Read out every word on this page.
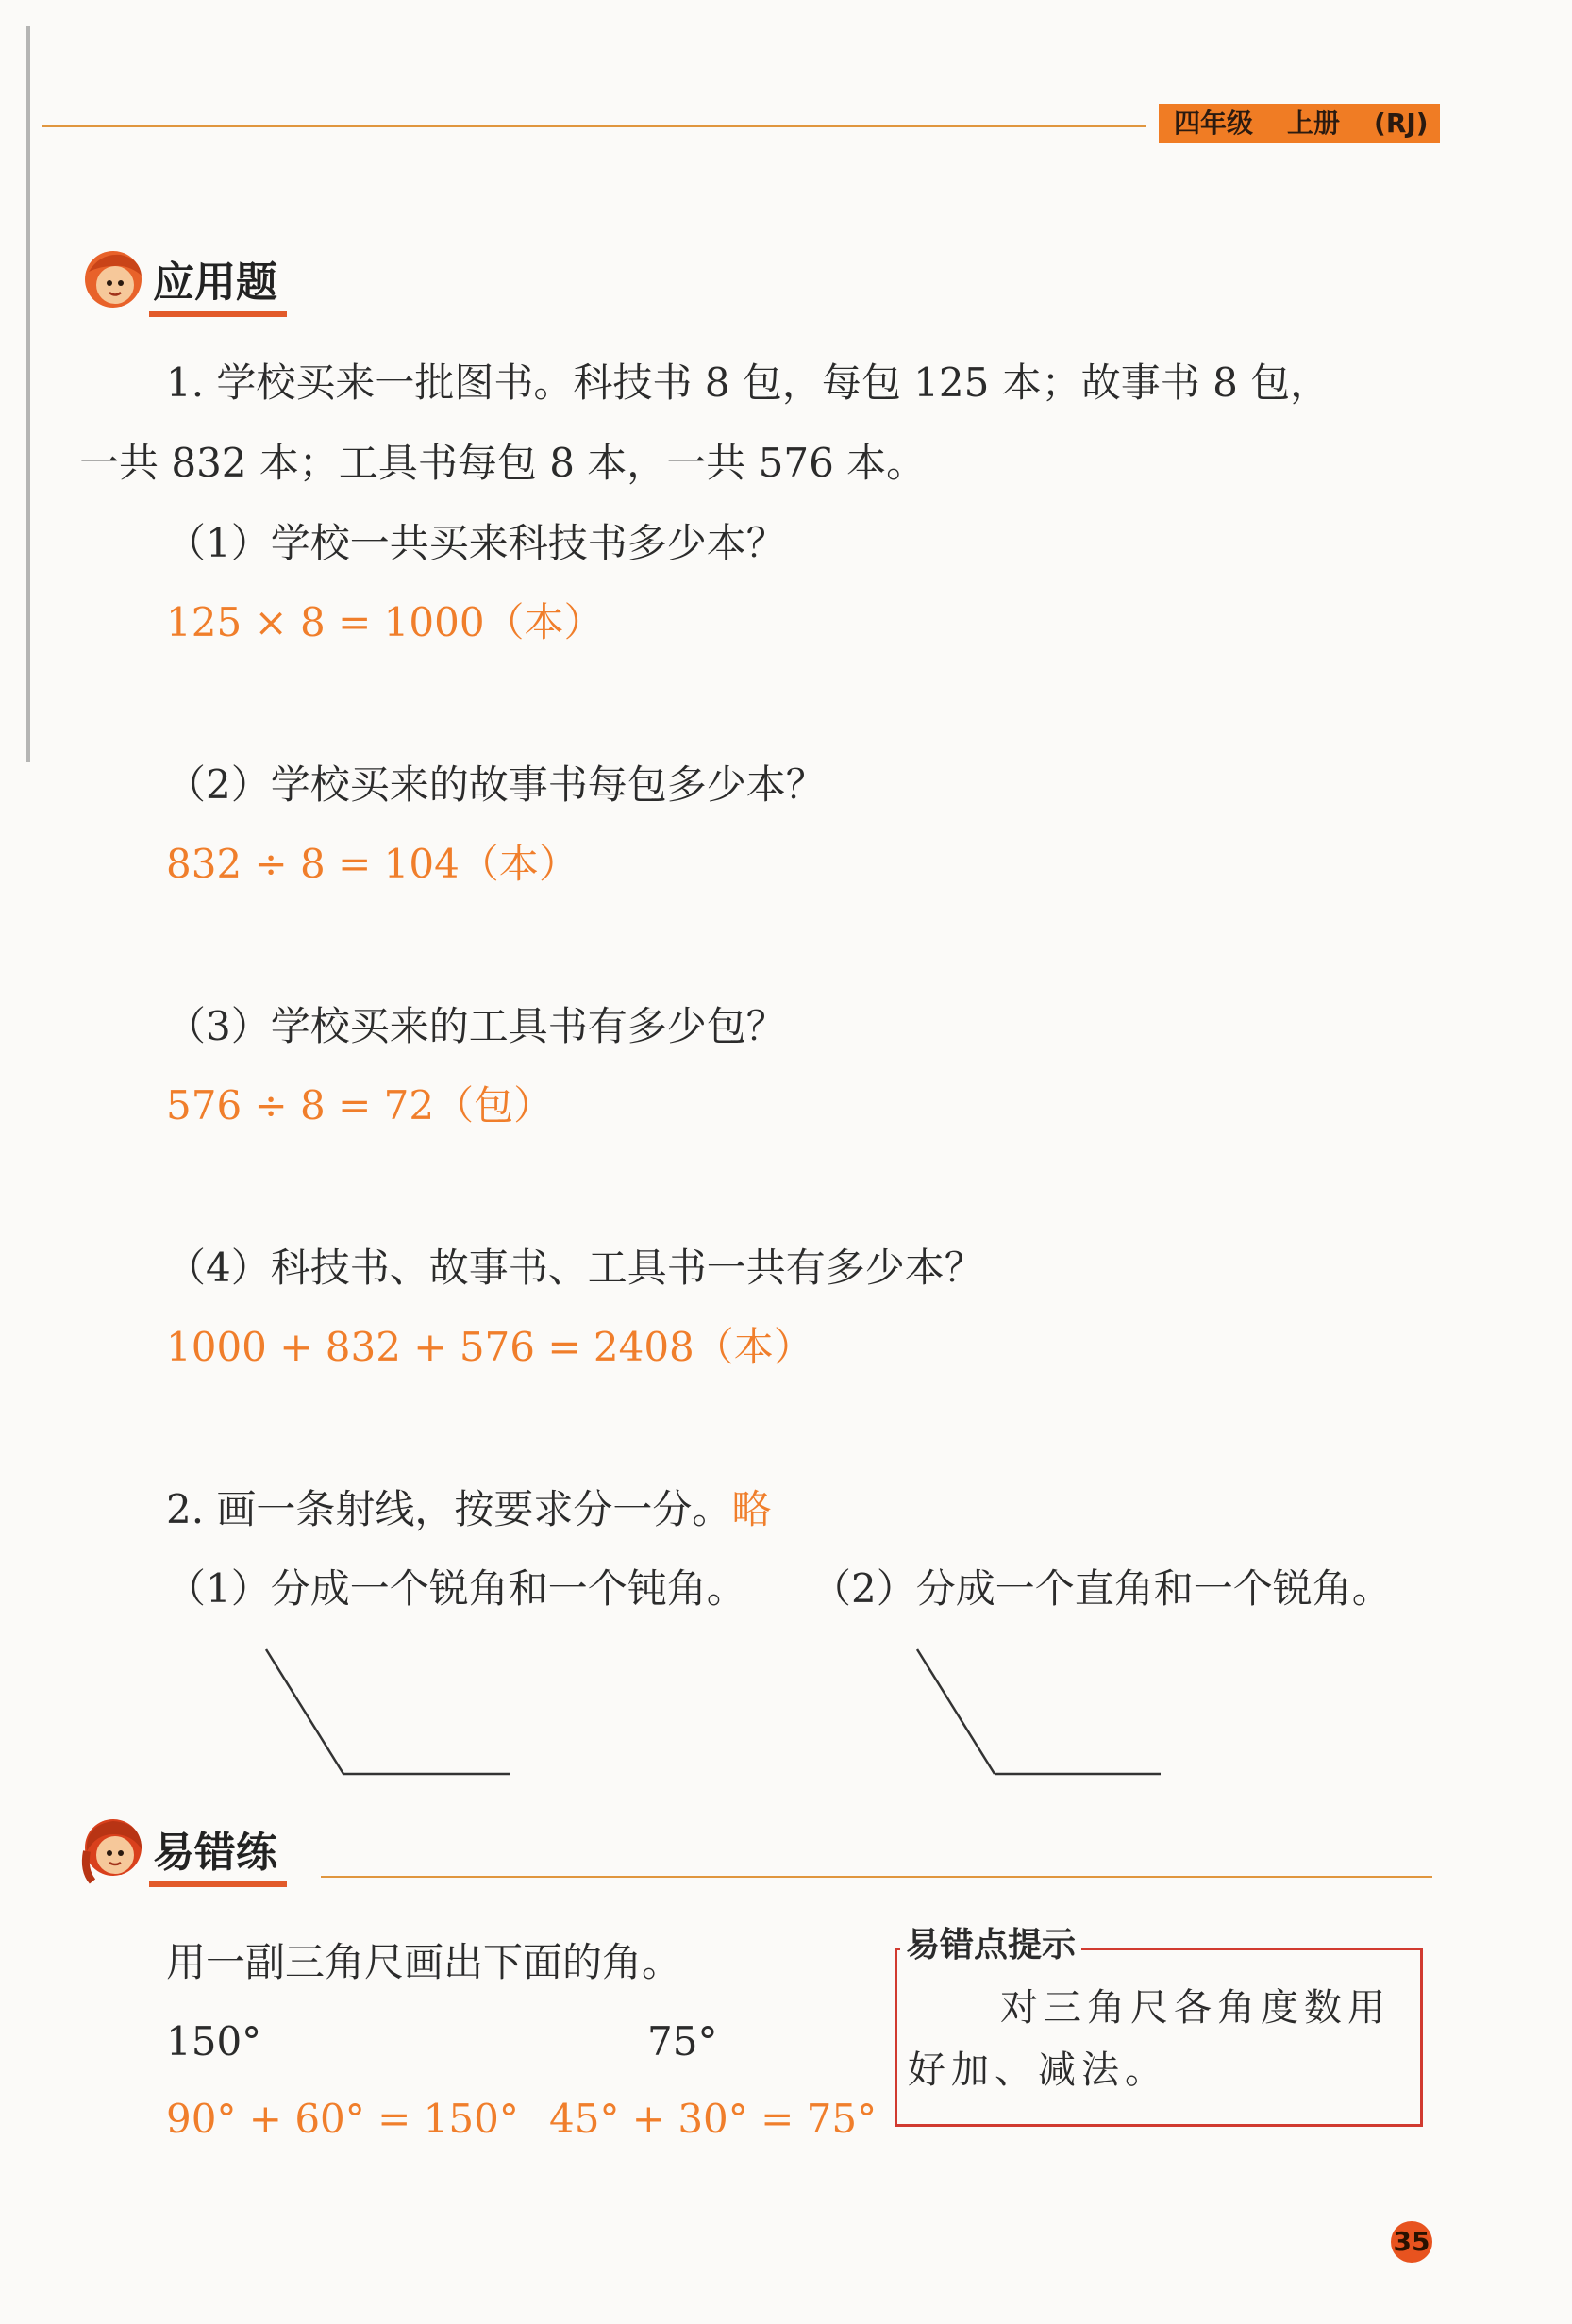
四年级 上册 (RJ)
应用题
1. 学校买来一批图书。科技书 8 包，每包 125 本；故事书 8 包，
一共 832 本；工具书每包 8 本，一共 576 本。
（1）学校一共买来科技书多少本？
125 × 8 = 1000（本）
（2）学校买来的故事书每包多少本？
832 ÷ 8 = 104（本）
（3）学校买来的工具书有多少包？
576 ÷ 8 = 72（包）
（4）科技书、故事书、工具书一共有多少本？
1000 + 832 + 576 = 2408（本）
2. 画一条射线，按要求分一分。略
（1）分成一个锐角和一个钝角。 （2）分成一个直角和一个锐角。
易错练
用一副三角尺画出下面的角。
150°	75°
90° + 60° = 150° 45° + 30° = 75°
易错点提示
对三角尺各角度数用
好加、减法。
35
